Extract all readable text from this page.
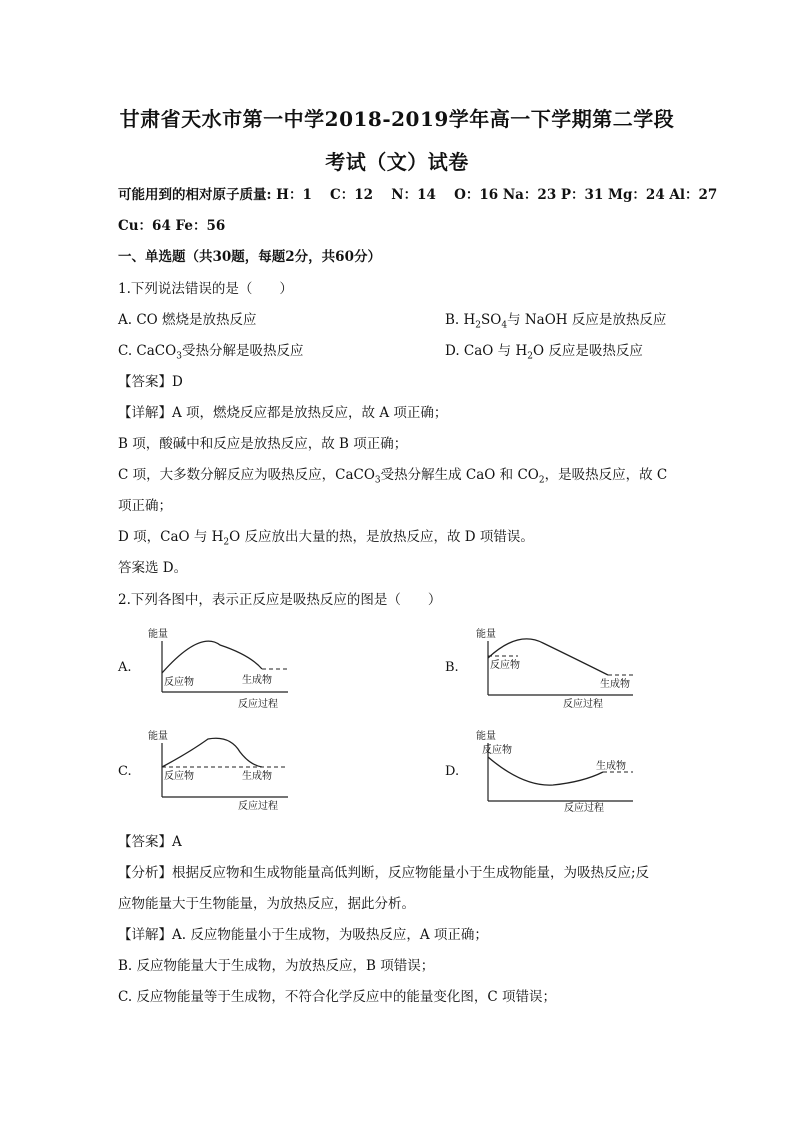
甘肃省天水市第一中学2018-2019学年高一下学期第二学段
考试（文）试卷
可能用到的相对原子质量: H：1　 C：12　 N：14　 O：16 Na：23 P：31 Mg：24 Al：27
Cu：64 Fe：56
一、单选题（共30题，每题2分，共60分）
1.下列说法错误的是（　　）
A. CO 燃烧是放热反应	B. $H_2SO_4$与 NaOH 反应是放热反应
C. CaCO$_3$受热分解是吸热反应	D. CaO 与 $H_2O$ 反应是吸热反应
【答案】D
【详解】A 项，燃烧反应都是放热反应，故 A 项正确；
B 项，酸碱中和反应是放热反应，故 B 项正确；
C 项，大多数分解反应为吸热反应，CaCO$_3$受热分解生成 CaO 和 $CO_2$，是吸热反应，故 C
项正确；
D 项，CaO 与 $H_2O$ 反应放出大量的热，是放热反应，故 D 项错误。
答案选 D。
2.下列各图中，表示正反应是吸热反应的图是（　　）
A.	B.
C.	D.
能量
反应物	生成物
反应过程
能量
反应物
生成物
反应过程
能量
反应物	生成物
反应过程
能量
反应物
生成物
反应过程
【答案】A
【分析】根据反应物和生成物能量高低判断，反应物能量小于生成物能量，为吸热反应;反
应物能量大于生物能量，为放热反应，据此分析。
【详解】A. 反应物能量小于生成物，为吸热反应，A 项正确；
B. 反应物能量大于生成物，为放热反应，B 项错误；
C. 反应物能量等于生成物，不符合化学反应中的能量变化图，C 项错误；
